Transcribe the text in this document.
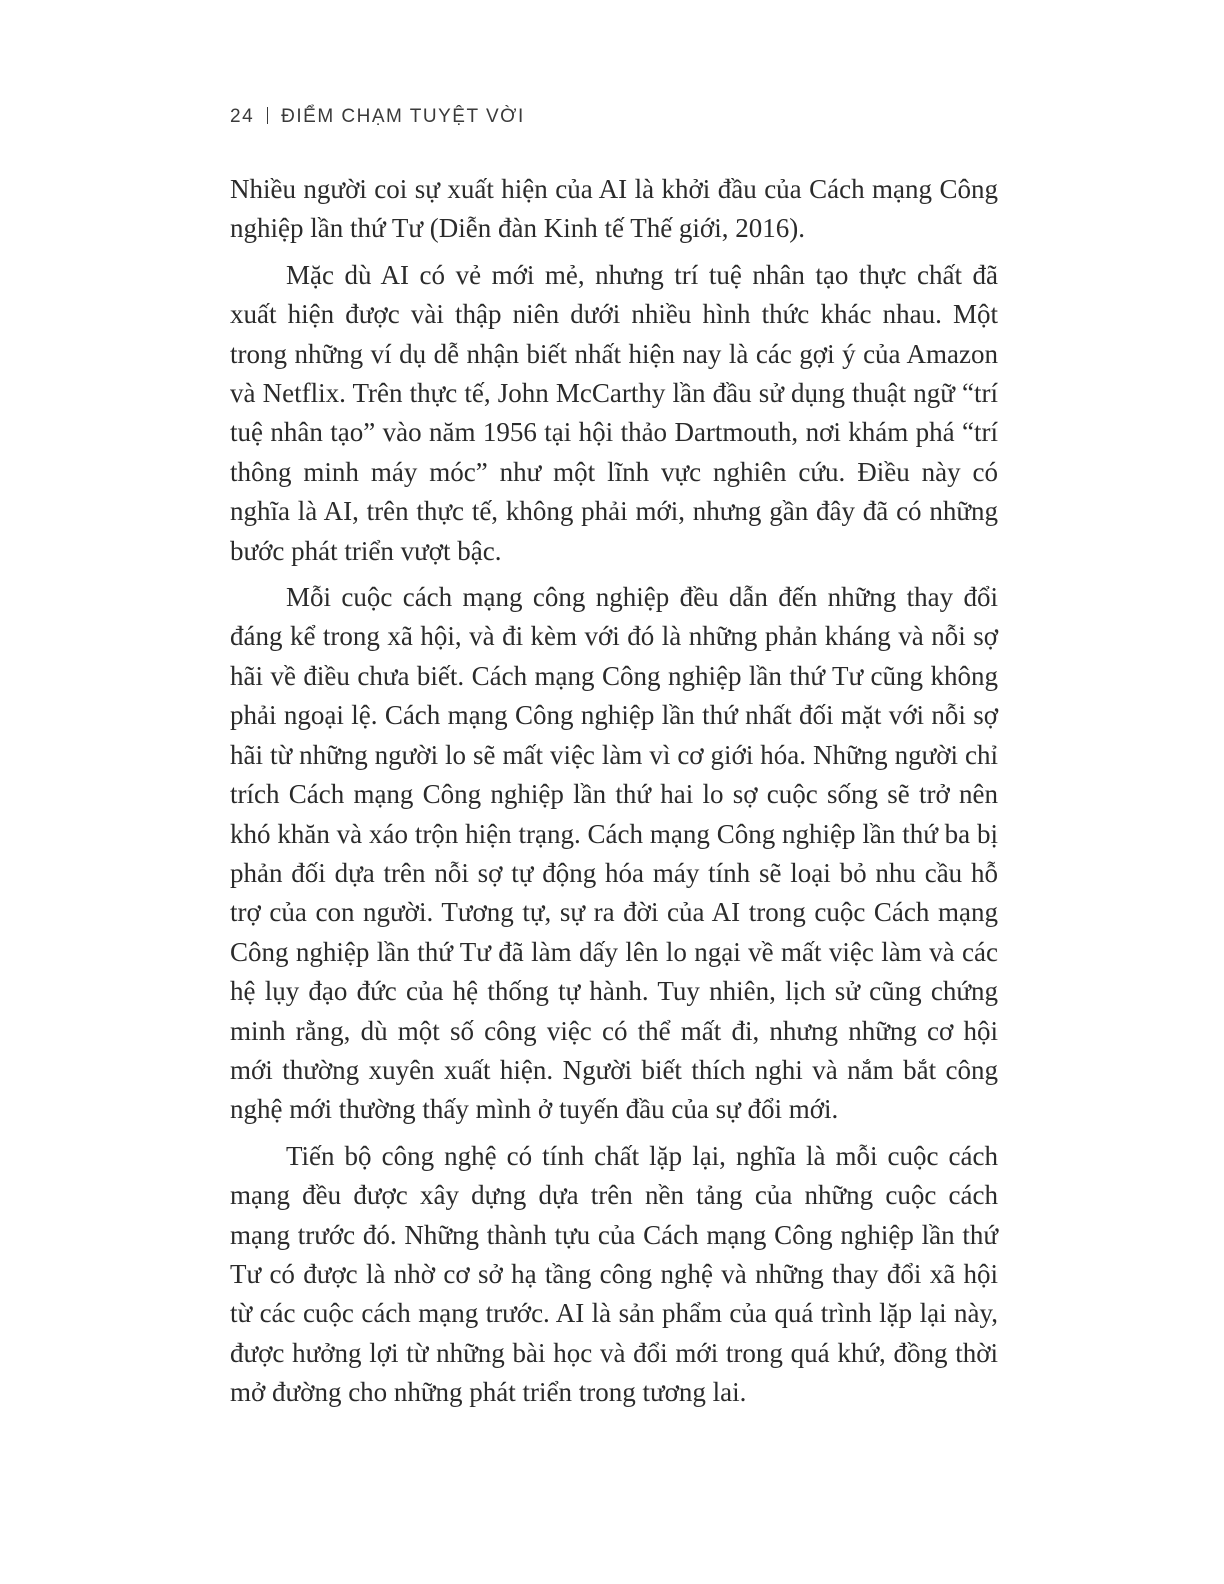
24 ĐIỂM CHẠM TUYỆT VỜI

Nhiều người coi sự xuất hiện của AI là khởi đầu của Cách mạng Công nghiệp lần thứ Tư (Diễn đàn Kinh tế Thế giới, 2016).

Mặc dù AI có vẻ mới mẻ, nhưng trí tuệ nhân tạo thực chất đã xuất hiện được vài thập niên dưới nhiều hình thức khác nhau. Một trong những ví dụ dễ nhận biết nhất hiện nay là các gợi ý của Amazon và Netflix. Trên thực tế, John McCarthy lần đầu sử dụng thuật ngữ “trí tuệ nhân tạo” vào năm 1956 tại hội thảo Dartmouth, nơi khám phá “trí thông minh máy móc” như một lĩnh vực nghiên cứu. Điều này có nghĩa là AI, trên thực tế, không phải mới, nhưng gần đây đã có những bước phát triển vượt bậc.

Mỗi cuộc cách mạng công nghiệp đều dẫn đến những thay đổi đáng kể trong xã hội, và đi kèm với đó là những phản kháng và nỗi sợ hãi về điều chưa biết. Cách mạng Công nghiệp lần thứ Tư cũng không phải ngoại lệ. Cách mạng Công nghiệp lần thứ nhất đối mặt với nỗi sợ hãi từ những người lo sẽ mất việc làm vì cơ giới hóa. Những người chỉ trích Cách mạng Công nghiệp lần thứ hai lo sợ cuộc sống sẽ trở nên khó khăn và xáo trộn hiện trạng. Cách mạng Công nghiệp lần thứ ba bị phản đối dựa trên nỗi sợ tự động hóa máy tính sẽ loại bỏ nhu cầu hỗ trợ của con người. Tương tự, sự ra đời của AI trong cuộc Cách mạng Công nghiệp lần thứ Tư đã làm dấy lên lo ngại về mất việc làm và các hệ lụy đạo đức của hệ thống tự hành. Tuy nhiên, lịch sử cũng chứng minh rằng, dù một số công việc có thể mất đi, nhưng những cơ hội mới thường xuyên xuất hiện. Người biết thích nghi và nắm bắt công nghệ mới thường thấy mình ở tuyến đầu của sự đổi mới.

Tiến bộ công nghệ có tính chất lặp lại, nghĩa là mỗi cuộc cách mạng đều được xây dựng dựa trên nền tảng của những cuộc cách mạng trước đó. Những thành tựu của Cách mạng Công nghiệp lần thứ Tư có được là nhờ cơ sở hạ tầng công nghệ và những thay đổi xã hội từ các cuộc cách mạng trước. AI là sản phẩm của quá trình lặp lại này, được hưởng lợi từ những bài học và đổi mới trong quá khứ, đồng thời mở đường cho những phát triển trong tương lai.
